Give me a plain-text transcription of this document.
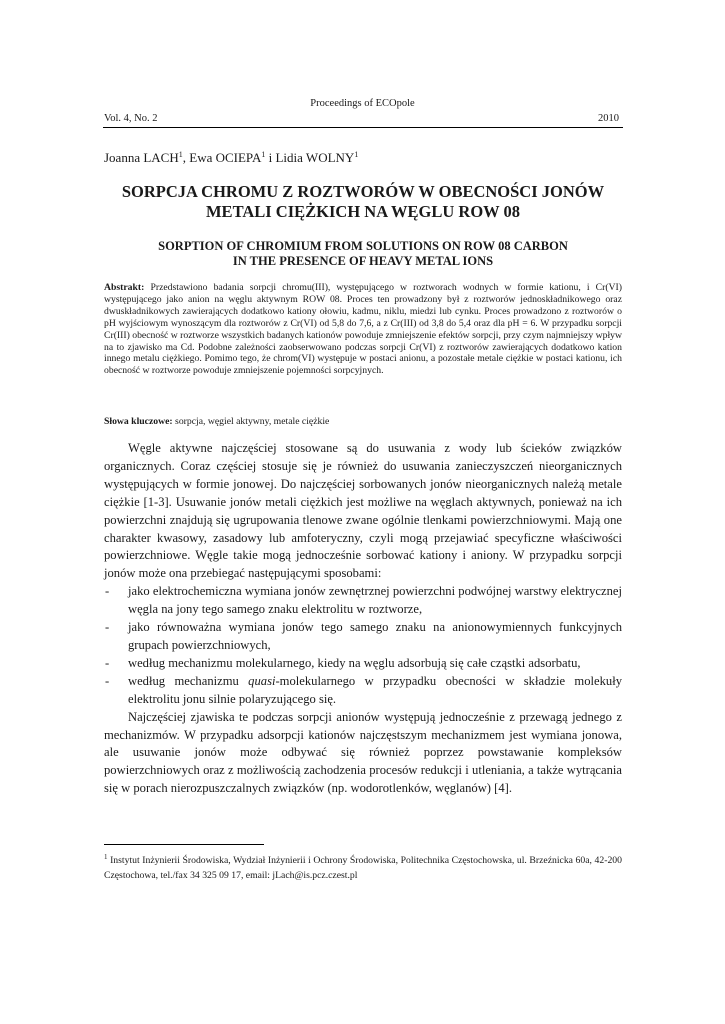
Proceedings of ECOpole
Vol. 4, No. 2	2010
Joanna LACH$^1$, Ewa OCIEPA$^1$ i Lidia WOLNY$^1$
SORPCJA CHROMU Z ROZTWORÓW W OBECNOŚCI JONÓW
METALI CIĘŻKICH NA WĘGLU ROW 08
SORPTION OF CHROMIUM FROM SOLUTIONS ON ROW 08 CARBON
IN THE PRESENCE OF HEAVY METAL IONS

Abstrakt: Przedstawiono badania sorpcji chromu(III), występującego w roztworach wodnych w formie kationu, i Cr(VI) występującego jako anion na węglu aktywnym ROW 08. Proces ten prowadzony był z roztworów jednoskładnikowego oraz dwuskładnikowych zawierających dodatkowo kationy ołowiu, kadmu, niklu, miedzi lub cynku. Proces prowadzono z roztworów o pH wyjściowym wynoszącym dla roztworów z Cr(VI) od 5,8 do 7,6, a z Cr(III) od 3,8 do 5,4 oraz dla pH = 6. W przypadku sorpcji Cr(III) obecność w roztworze wszystkich badanych kationów powoduje zmniejszenie efektów sorpcji, przy czym najmniejszy wpływ na to zjawisko ma Cd. Podobne zależności zaobserwowano podczas sorpcji Cr(VI) z roztworów zawierających dodatkowo kation innego metalu ciężkiego. Pomimo tego, że chrom(VI) występuje w postaci anionu, a pozostałe metale ciężkie w postaci kationu, ich obecność w roztworze powoduje zmniejszenie pojemności sorpcyjnych.

Słowa kluczowe: sorpcja, węgiel aktywny, metale ciężkie

Węgle aktywne najczęściej stosowane są do usuwania z wody lub ścieków związków organicznych. Coraz częściej stosuje się je również do usuwania zanieczyszczeń nieorganicznych występujących w formie jonowej. Do najczęściej sorbowanych jonów nieorganicznych należą metale ciężkie [1-3]. Usuwanie jonów metali ciężkich jest możliwe na węglach aktywnych, ponieważ na ich powierzchni znajdują się ugrupowania tlenowe zwane ogólnie tlenkami powierzchniowymi. Mają one charakter kwasowy, zasadowy lub amfoteryczny, czyli mogą przejawiać specyficzne właściwości powierzchniowe. Węgle takie mogą jednocześnie sorbować kationy i aniony. W przypadku sorpcji jonów może ona przebiegać następującymi sposobami:

- jako elektrochemiczna wymiana jonów zewnętrznej powierzchni podwójnej warstwy elektrycznej węgla na jony tego samego znaku elektrolitu w roztworze,
- jako równoważna wymiana jonów tego samego znaku na anionowymiennych funkcyjnych grupach powierzchniowych,
- według mechanizmu molekularnego, kiedy na węglu adsorbują się całe cząstki adsorbatu,
- według mechanizmu quasi-molekularnego w przypadku obecności w składzie molekuły elektrolitu jonu silnie polaryzującego się.

Najczęściej zjawiska te podczas sorpcji anionów występują jednocześnie z przewagą jednego z mechanizmów. W przypadku adsorpcji kationów najczęstszym mechanizmem jest wymiana jonowa, ale usuwanie jonów może odbywać się również poprzez powstawanie kompleksów powierzchniowych oraz z możliwością zachodzenia procesów redukcji i utleniania, a także wytrącania się w porach nierozpuszczalnych związków (np. wodorotlenków, węglanów) [4].

$^1$ Instytut Inżynierii Środowiska, Wydział Inżynierii i Ochrony Środowiska, Politechnika Częstochowska, ul. Brzeźnicka 60a, 42-200 Częstochowa, tel./fax 34 325 09 17, email: jLach@is.pcz.czest.pl
